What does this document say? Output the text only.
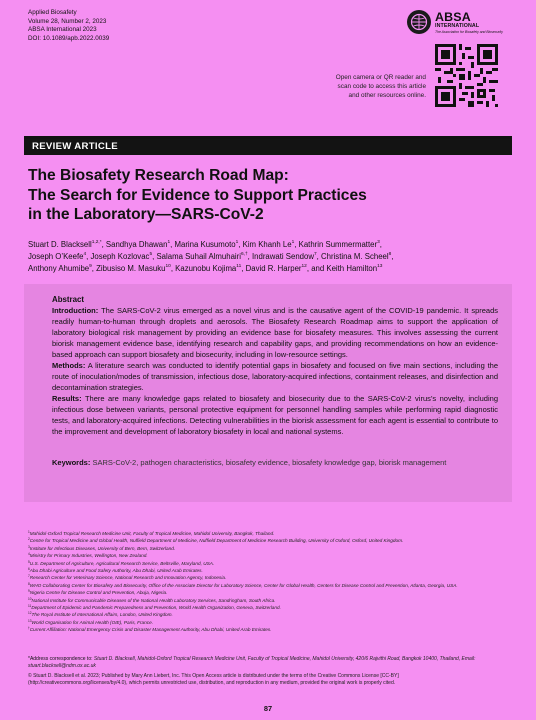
Applied Biosafety
Volume 28, Number 2, 2023
ABSA International 2023
DOI: 10.1089/apb.2022.0039
ABSA
INTERNATIONAL
The Association for Biosafety and Biosecurity
Open camera or QR reader and
scan code to access this article
and other resources online.
REVIEW ARTICLE
The Biosafety Research Road Map:
The Search for Evidence to Support Practices
in the Laboratory—SARS-CoV-2
Stuart D. Blacksell$^{1,2,*}$, Sandhya Dhawan$^1$, Marina Kusumoto$^1$, Kim Khanh Le$^1$, Kathrin Summermatter$^3$,
Joseph O’Keefe$^4$, Joseph Kozlovac$^5$, Salama Suhail Almuhairi$^{6,\dagger}$, Indrawati Sendow$^7$, Christina M. Scheel$^8$,
Anthony Ahumibe$^9$, Zibusiso M. Masuku$^{10}$, Kazunobu Kojima$^{11}$, David R. Harper$^{12}$, and Keith Hamilton$^{13}$
Abstract
Introduction: The SARS-CoV-2 virus emerged as a novel virus and is the causative agent of the COVID-19 pandemic. It spreads readily human-to-human through droplets and aerosols. The Biosafety Research Roadmap aims to support the application of laboratory biological risk management by providing an evidence base for biosafety measures. This involves assessing the current biorisk management evidence base, identifying research and capability gaps, and providing recommendations on how an evidence-based approach can support biosafety and biosecurity, including in low-resource settings.
Methods: A literature search was conducted to identify potential gaps in biosafety and focused on five main sections, including the route of inoculation/modes of transmission, infectious dose, laboratory-acquired infections, containment releases, and disinfection and decontamination strategies.
Results: There are many knowledge gaps related to biosafety and biosecurity due to the SARS-CoV-2 virus’s novelty, including infectious dose between variants, personal protective equipment for personnel handling samples while performing rapid diagnostic tests, and laboratory-acquired infections. Detecting vulnerabilities in the biorisk assessment for each agent is essential to contribute to the improvement and development of laboratory biosafety in local and national systems.
Keywords: SARS-CoV-2, pathogen characteristics, biosafety evidence, biosafety knowledge gap, biorisk management
$^1$Mahidol-Oxford Tropical Research Medicine Unit, Faculty of Tropical Medicine, Mahidol University, Bangkok, Thailand.
$^2$Centre for Tropical Medicine and Global Health, Nuffield Department of Medicine, Nuffield Department of Medicine Research Building, University of Oxford, Oxford, United Kingdom.
$^3$Institute for Infectious Diseases, University of Bern, Bern, Switzerland.
$^4$Ministry for Primary Industries, Wellington, New Zealand.
$^5$U.S. Department of Agriculture, Agricultural Research Service, Beltsville, Maryland, USA.
$^6$Abu Dhabi Agriculture and Food Safety Authority, Abu Dhabi, United Arab Emirates.
$^7$Research Center for Veterinary Science, National Research and Innovation Agency, Indonesia.
$^8$WHO Collaborating Center for Biosafety and Biosecurity, Office of the Associate Director for Laboratory Science, Center for Global Health, Centers for Disease Control and Prevention, Atlanta, Georgia, USA.
$^9$Nigeria Centre for Disease Control and Prevention, Abuja, Nigeria.
$^{10}$National Institute for Communicable Diseases of the National Health Laboratory Services, Sandringham, South Africa.
$^{11}$Department of Epidemic and Pandemic Preparedness and Prevention, World Health Organization, Geneva, Switzerland.
$^{12}$The Royal Institute of International Affairs, London, United Kingdom.
$^{13}$World Organisation for Animal Health (OIE), Paris, France.
†Current Affiliation: National Emergency Crisis and Disaster Management Authority, Abu Dhabi, United Arab Emirates.
*Address correspondence to: Stuart D. Blacksell, Mahidol-Oxford Tropical Research Medicine Unit, Faculty of Tropical Medicine, Mahidol University, 420/6 Rajvithi Road, Bangkok 10400, Thailand, Email: stuart.blacksell@ndm.ox.ac.uk
© Stuart D. Blacksell et al. 2023; Published by Mary Ann Liebert, Inc. This Open Access article is distributed under the terms of the Creative Commons License [CC-BY]
(http://creativecommons.org/licenses/by/4.0), which permits unrestricted use, distribution, and reproduction in any medium, provided the original work is properly cited.
87
